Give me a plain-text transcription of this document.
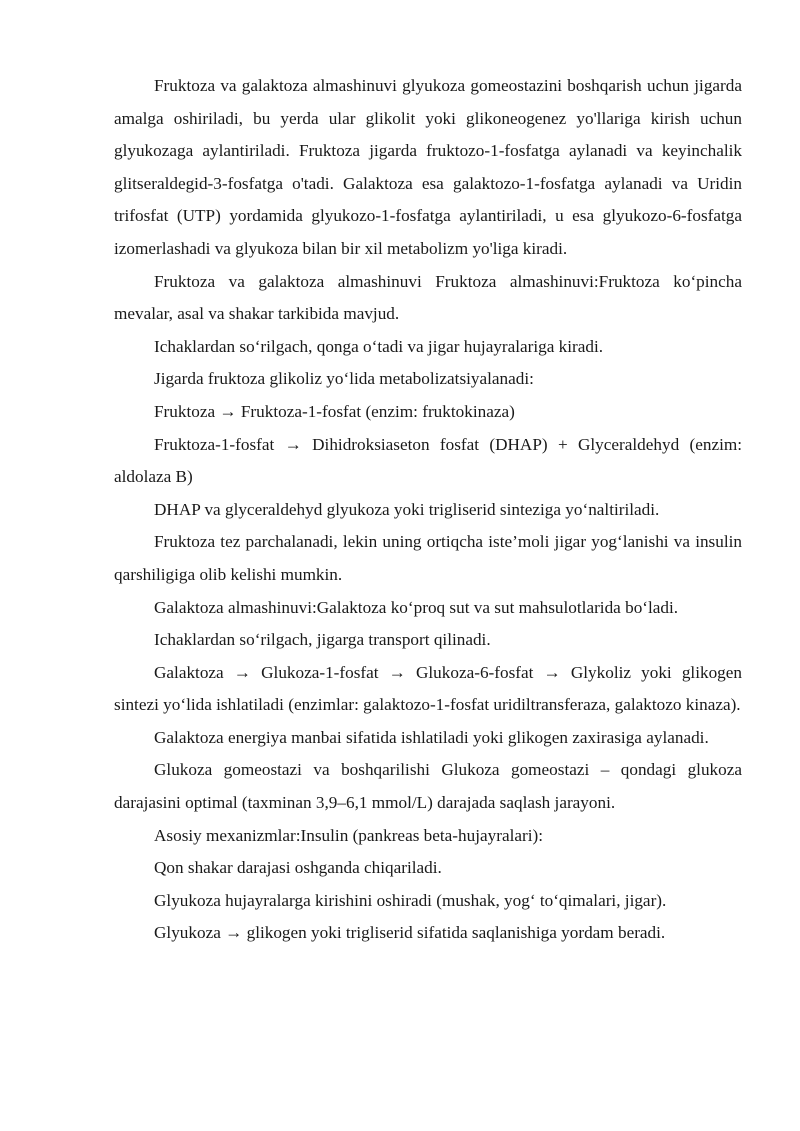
Fruktoza va galaktoza almashinuvi glyukoza gomeostazini boshqarish uchun jigarda amalga oshiriladi, bu yerda ular glikolit yoki glikoneogenez yo'llariga kirish uchun glyukozaga aylantiriladi. Fruktoza jigarda fruktozo-1-fosfatga aylanadi va keyinchalik glitseraldegid-3-fosfatga o'tadi. Galaktoza esa galaktozo-1-fosfatga aylanadi va Uridin trifosfat (UTP) yordamida glyukozo-1-fosfatga aylantiriladi, u esa glyukozo-6-fosfatga izomerlashadi va glyukoza bilan bir xil metabolizm yo'liga kiradi.

Fruktoza va galaktoza almashinuvi Fruktoza almashinuvi:Fruktoza ko‘pincha mevalar, asal va shakar tarkibida mavjud.

Ichaklardan so‘rilgach, qonga o‘tadi va jigar hujayralariga kiradi.

Jigarda fruktoza glikoliz yo‘lida metabolizatsiyalanadi:

Fruktoza → Fruktoza-1-fosfat (enzim: fruktokinaza)

Fruktoza-1-fosfat → Dihidroksiaseton fosfat (DHAP) + Glyceraldehyd (enzim: aldolaza B)

DHAP va glyceraldehyd glyukoza yoki trigliserid sinteziga yo‘naltiriladi.

Fruktoza tez parchalanadi, lekin uning ortiqcha iste’moli jigar yog‘lanishi va insulin qarshiligiga olib kelishi mumkin.

Galaktoza almashinuvi:Galaktoza ko‘proq sut va sut mahsulotlarida bo‘ladi.

Ichaklardan so‘rilgach, jigarga transport qilinadi.

Galaktoza → Glukoza-1-fosfat → Glukoza-6-fosfat → Glykoliz yoki glikogen sintezi yo‘lida ishlatiladi (enzimlar: galaktozo-1-fosfat uridiltransferaza, galaktozo kinaza).

Galaktoza energiya manbai sifatida ishlatiladi yoki glikogen zaxirasiga aylanadi.

Glukoza gomeostazi va boshqarilishi Glukoza gomeostazi – qondagi glukoza darajasini optimal (taxminan 3,9–6,1 mmol/L) darajada saqlash jarayoni.

Asosiy mexanizmlar:Insulin (pankreas beta-hujayralari):

Qon shakar darajasi oshganda chiqariladi.

Glyukoza hujayralarga kirishini oshiradi (mushak, yog‘ to‘qimalari, jigar).

Glyukoza → glikogen yoki trigliserid sifatida saqlanishiga yordam beradi.
